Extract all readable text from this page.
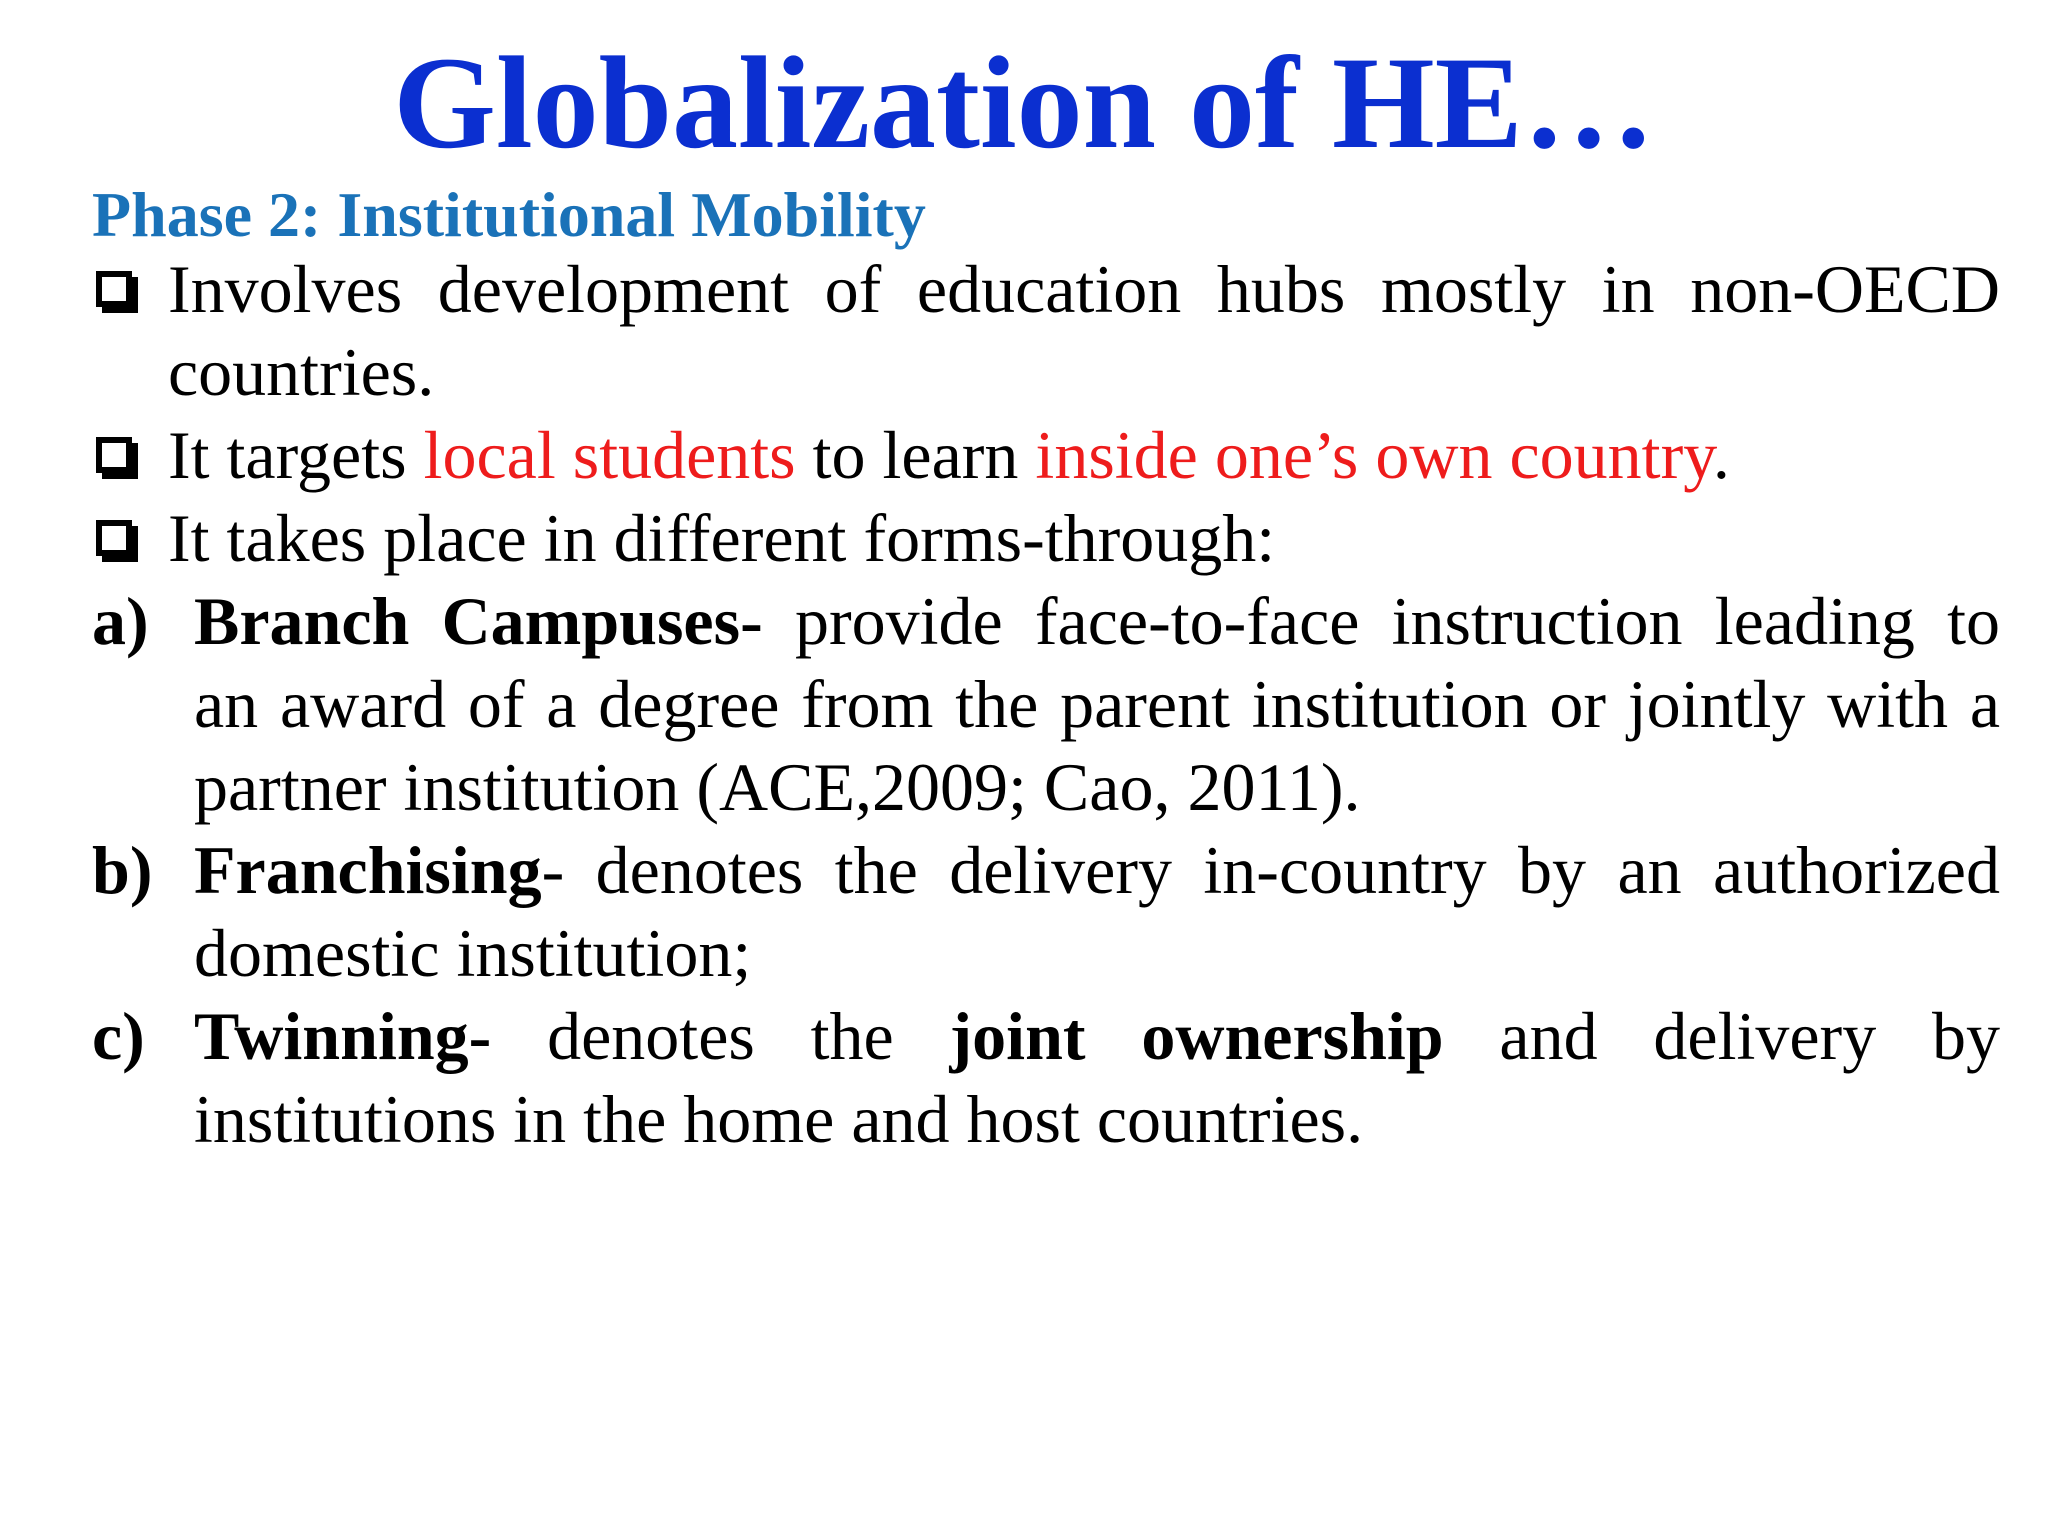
Globalization of HE…
Phase 2: Institutional Mobility
Involves development of education hubs mostly in non-OECD
countries.
It targets local students to learn inside one’s own country.
It takes place in different forms-through:
a) Branch Campuses- provide face-to-face instruction leading to
an award of a degree from the parent institution or jointly with a
partner institution (ACE,2009; Cao, 2011).
b) Franchising- denotes the delivery in-country by an authorized
domestic institution;
c) Twinning- denotes the joint ownership and delivery by
institutions in the home and host countries.
